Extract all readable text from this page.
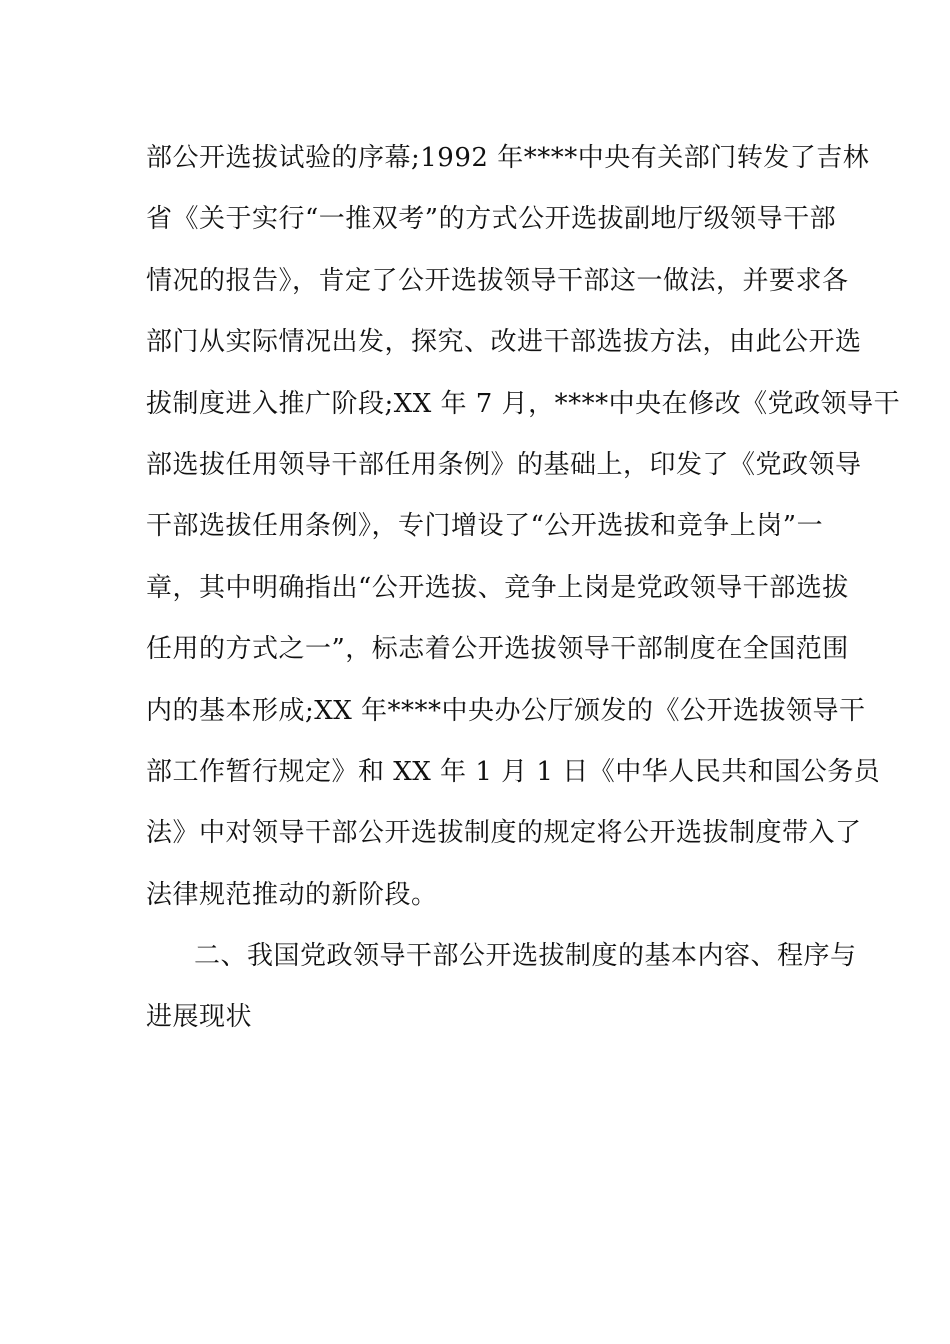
部公开选拔试验的序幕;1992 年****中央有关部门转发了吉林
省《关于实行“一推双考”的方式公开选拔副地厅级领导干部
情况的报告》，肯定了公开选拔领导干部这一做法，并要求各
部门从实际情况出发，探究、改进干部选拔方法，由此公开选
拔制度进入推广阶段;XX 年 7 月，****中央在修改《党政领导干
部选拔任用领导干部任用条例》的基础上，印发了《党政领导
干部选拔任用条例》，专门增设了“公开选拔和竞争上岗”一
章，其中明确指出“公开选拔、竞争上岗是党政领导干部选拔
任用的方式之一”，标志着公开选拔领导干部制度在全国范围
内的基本形成;XX 年****中央办公厅颁发的《公开选拔领导干
部工作暂行规定》和 XX 年 1 月 1 日《中华人民共和国公务员
法》中对领导干部公开选拔制度的规定将公开选拔制度带入了
法律规范推动的新阶段。
二、我国党政领导干部公开选拔制度的基本内容、程序与
进展现状
